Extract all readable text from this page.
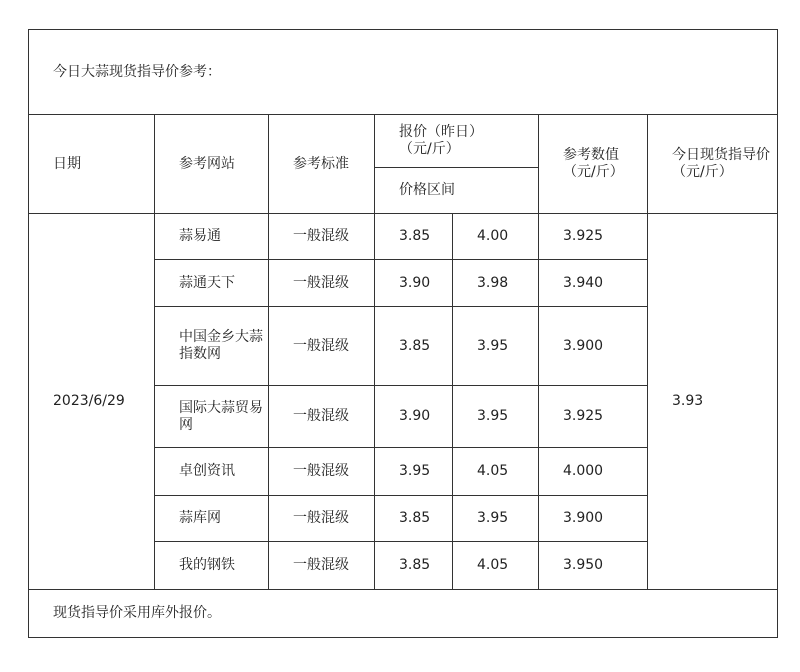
今日大蒜现货指导价参考：						
日期	参考网站	参考标准	报价（昨日）（元/斤）		参考数值（元/斤）	今日现货指导价（元/斤）
			价格区间			
2023/6/29	蒜易通	一般混级	3.85	4.00	3.925	3.93
	蒜通天下	一般混级	3.90	3.98	3.940	
	中国金乡大蒜指数网	一般混级	3.85	3.95	3.900	
	国际大蒜贸易网	一般混级	3.90	3.95	3.925	
	卓创资讯	一般混级	3.95	4.05	4.000	
	蒜库网	一般混级	3.85	3.95	3.900	
	我的钢铁	一般混级	3.85	4.05	3.950	
现货指导价采用库外报价。						
